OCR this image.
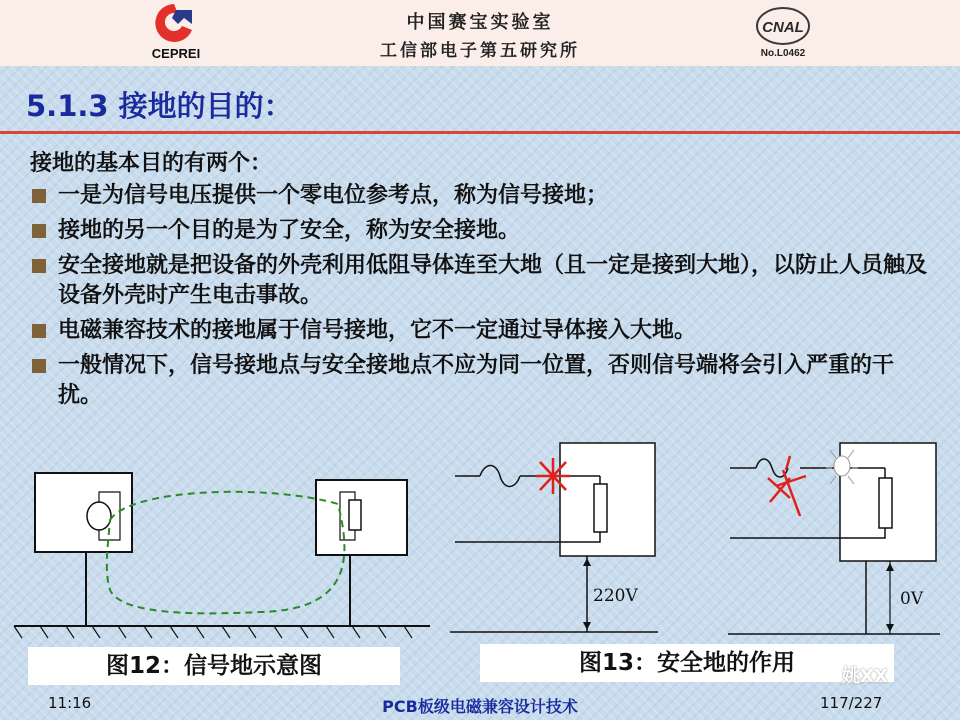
CEPREI
中国赛宝实验室
工信部电子第五研究所
CNAL
No.L0462
5.1.3 接地的目的：
接地的基本目的有两个：
一是为信号电压提供一个零电位参考点，称为信号接地；
接地的另一个目的是为了安全，称为安全接地。
安全接地就是把设备的外壳利用低阻导体连至大地（且一定是接到大地），以防止人员触及设备外壳时产生电击事故。
电磁兼容技术的接地属于信号接地，它不一定通过导体接入大地。
一般情况下，信号接地点与安全接地点不应为同一位置，否则信号端将会引入严重的干扰。
220V	0V
图12：信号地示意图	图13：安全地的作用
姚XX
11:16	PCB板级电磁兼容设计技术	117/227
